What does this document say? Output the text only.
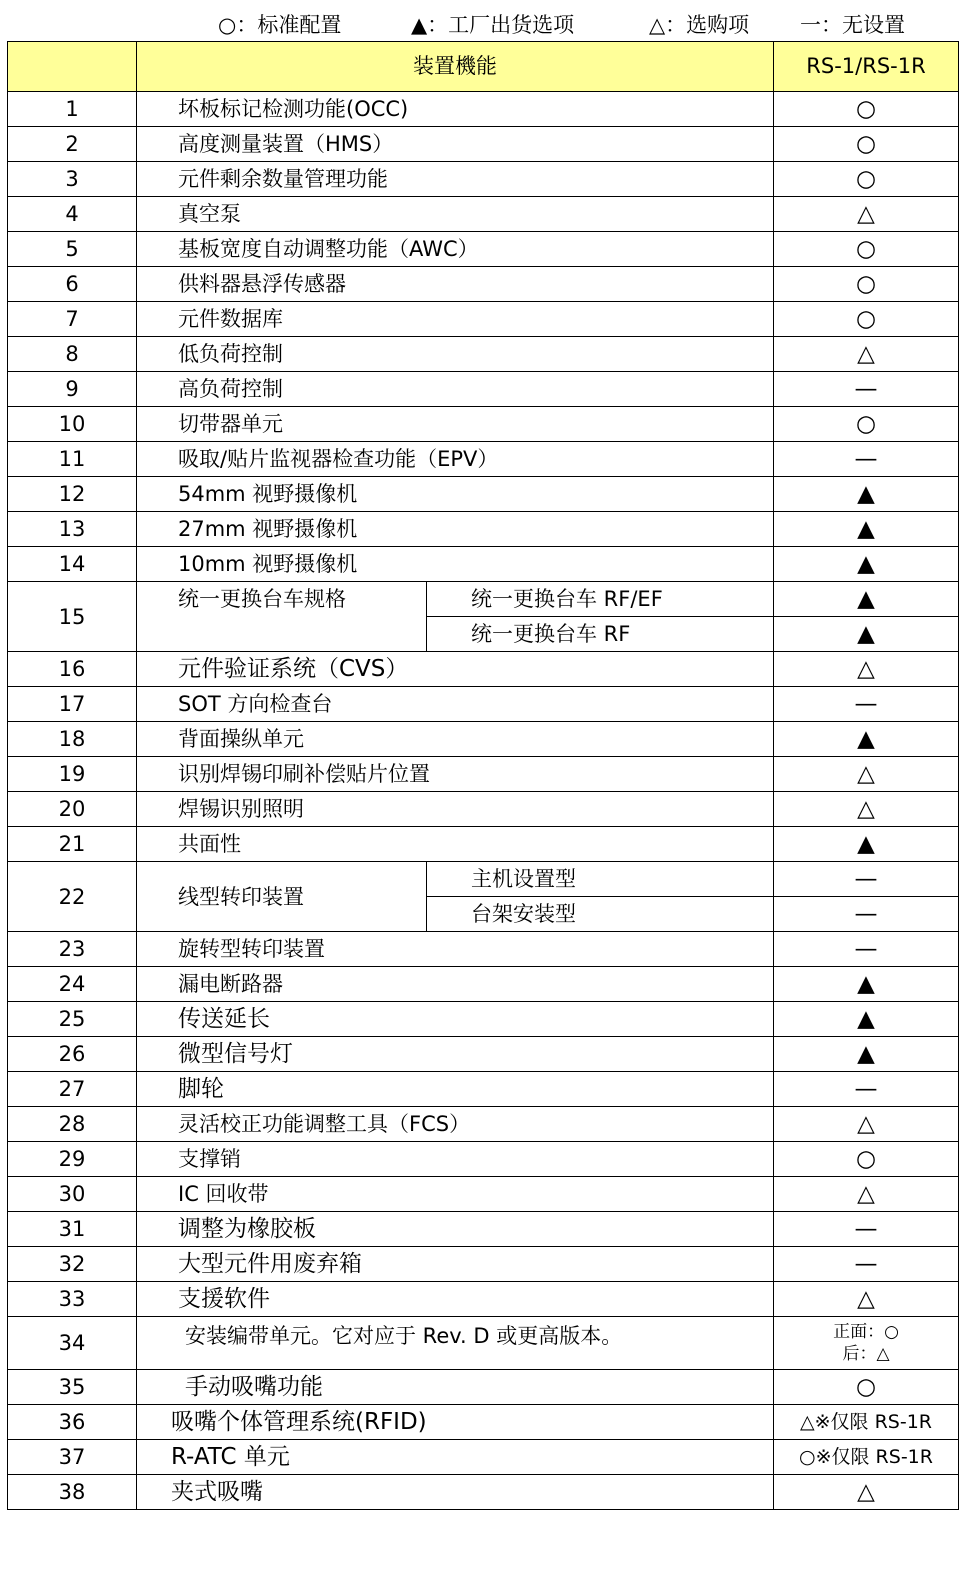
○：标准配置	▲：工厂出货选项	△：选购项 一：无设置
	装置機能		RS-1/RS-1R
1	坏板标记检测功能(OCC)		○
2	高度测量装置（HMS）		○
3	元件剩余数量管理功能		○
4	真空泵		△
5	基板宽度自动调整功能（AWC）		○
6	供料器悬浮传感器		○
7	元件数据库		○
8	低负荷控制		△
9	高负荷控制		—
10	切带器单元		○
11	吸取/贴片监视器检查功能（EPV）		—
12	54mm 视野摄像机		▲
13	27mm 视野摄像机		▲
14	10mm 视野摄像机		▲
15	统一更换台车规格	统一更换台车 RF/EF	▲
		统一更换台车 RF	▲
16	元件验证系统（CVS）		△
17	SOT 方向检查台		—
18	背面操纵单元		▲
19	识别焊锡印刷补偿贴片位置		△
20	焊锡识别照明		△
21	共面性		▲
22	线型转印装置	主机设置型	—
		台架安装型	—
23	旋转型转印装置		—
24	漏电断路器		▲
25	传送延长		▲
26	微型信号灯		▲
27	脚轮		—
28	灵活校正功能调整工具（FCS）		△
29	支撑销		○
30	IC 回收带		△
31	调整为橡胶板		—
32	大型元件用废弃箱		—
33	支援软件		△
34	安装编带单元。它对应于 Rev. D 或更高版本。		正面：○
后：△

35	手动吸嘴功能		○
36	吸嘴个体管理系统(RFID)		△※仅限 RS-1R
37	R-ATC 单元		○※仅限 RS-1R
38	夹式吸嘴		△
